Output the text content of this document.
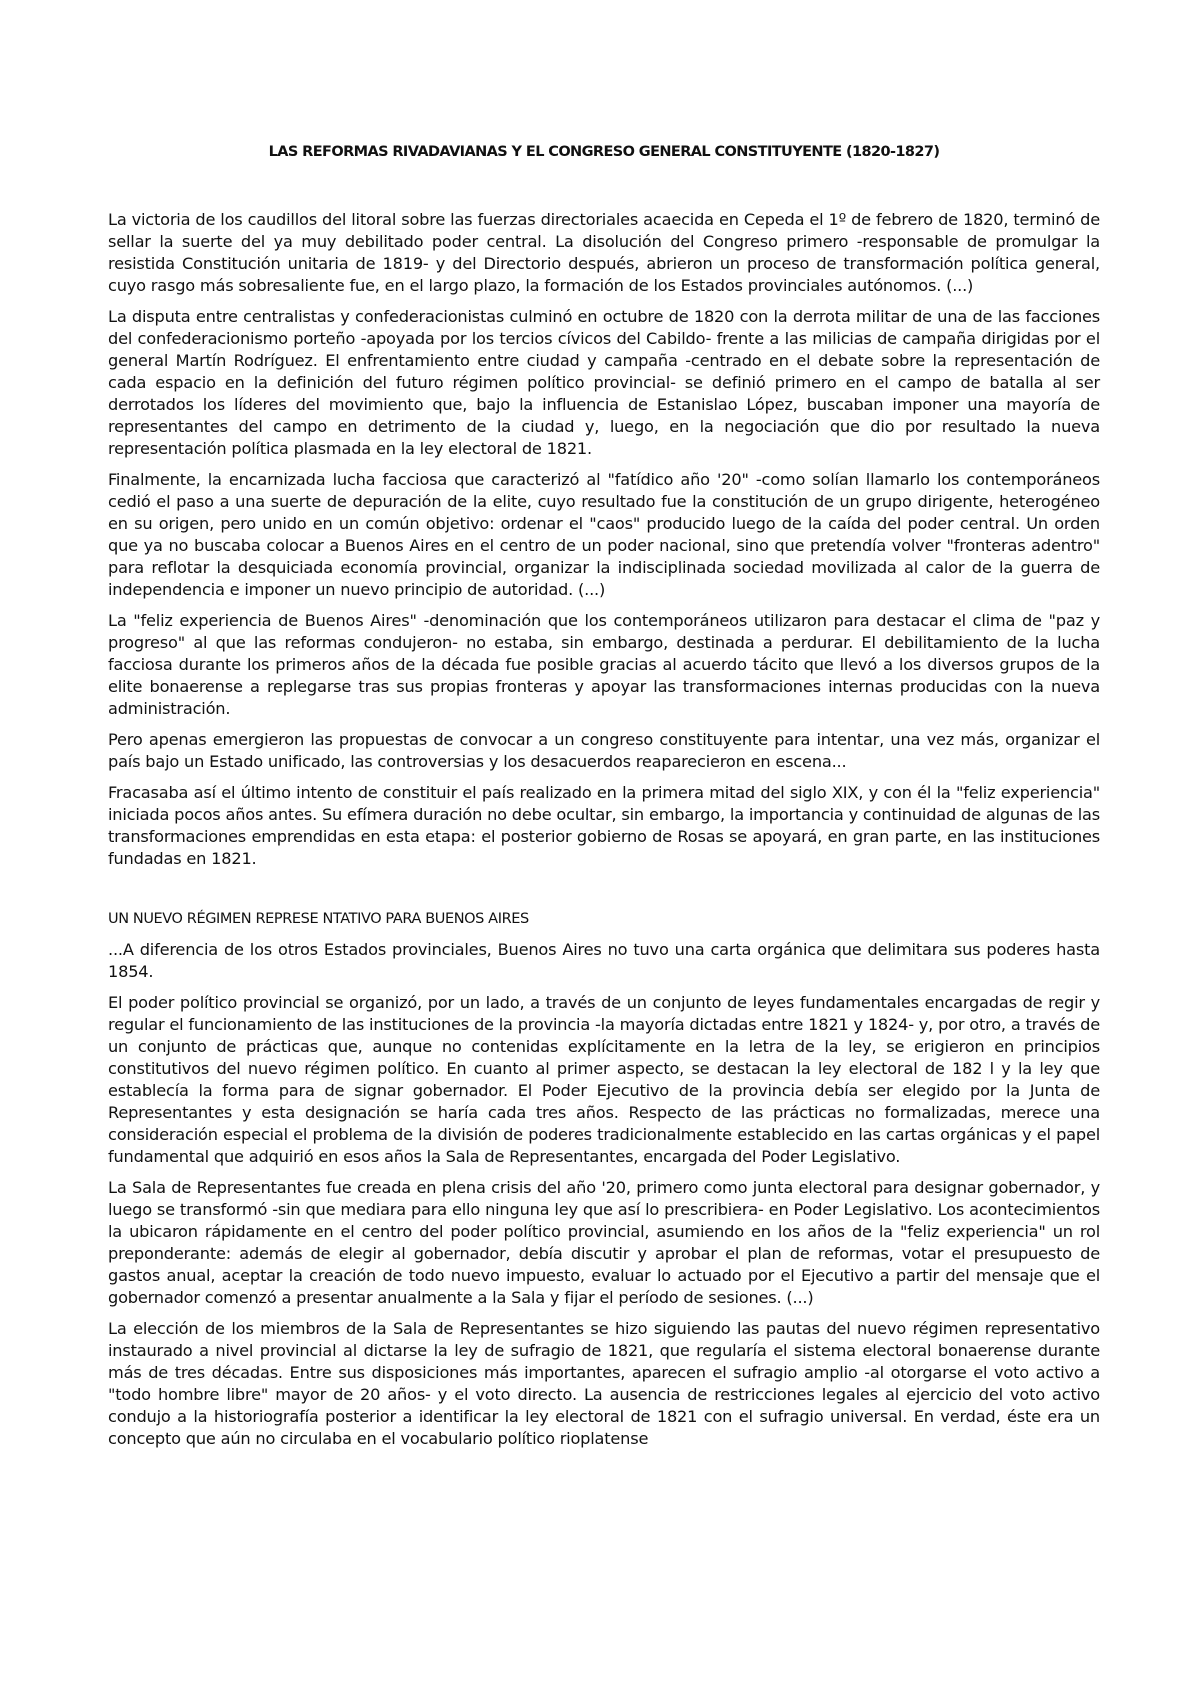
LAS REFORMAS RIVADAVIANAS Y EL CONGRESO GENERAL CONSTITUYENTE (1820-1827)

La victoria de los caudillos del litoral sobre las fuerzas directoriales acaecida en Cepeda el 1º de febrero de 1820, terminó de sellar la suerte del ya muy debilitado poder central. La disolución del Congreso primero -responsable de promulgar la resistida Constitución unitaria de 1819- y del Directorio después, abrieron un proceso de transformación política general, cuyo rasgo más sobresaliente fue, en el largo plazo, la formación de los Estados provinciales autónomos. (...)

La disputa entre centralistas y confederacionistas culminó en octubre de 1820 con la derrota militar de una de las facciones del confederacionismo porteño -apoyada por los tercios cívicos del Cabildo- frente a las milicias de campaña dirigidas por el general Martín Rodríguez. El enfrentamiento entre ciudad y campaña -centrado en el debate sobre la representación de cada espacio en la definición del futuro régimen político provincial- se definió primero en el campo de batalla al ser derrotados los líderes del movimiento que, bajo la influencia de Estanislao López, buscaban imponer una mayoría de representantes del campo en detrimento de la ciudad y, luego, en la negociación que dio por resultado la nueva representación política plasmada en la ley electoral de 1821.

Finalmente, la encarnizada lucha facciosa que caracterizó al "fatídico año '20" -como solían llamarlo los contemporáneos cedió el paso a una suerte de depuración de la elite, cuyo resultado fue la constitución de un grupo dirigente, heterogéneo en su origen, pero unido en un común objetivo: ordenar el "caos" producido luego de la caída del poder central. Un orden que ya no buscaba colocar a Buenos Aires en el centro de un poder nacional, sino que pretendía volver "fronteras adentro" para reflotar la desquiciada economía provincial, organizar la indisciplinada sociedad movilizada al calor de la guerra de independencia e imponer un nuevo principio de autoridad. (...)

La "feliz experiencia de Buenos Aires" -denominación que los contemporáneos utilizaron para destacar el clima de "paz y progreso" al que las reformas condujeron- no estaba, sin embargo, destinada a perdurar. El debilitamiento de la lucha facciosa durante los primeros años de la década fue posible gracias al acuerdo tácito que llevó a los diversos grupos de la elite bonaerense a replegarse tras sus propias fronteras y apoyar las transformaciones internas producidas con la nueva administración.

Pero apenas emergieron las propuestas de convocar a un congreso constituyente para intentar, una vez más, organizar el país bajo un Estado unificado, las controversias y los desacuerdos reaparecieron en escena...

Fracasaba así el último intento de constituir el país realizado en la primera mitad del siglo XIX, y con él la "feliz experiencia" iniciada pocos años antes. Su efímera duración no debe ocultar, sin embargo, la importancia y continuidad de algunas de las transformaciones emprendidas en esta etapa: el posterior gobierno de Rosas se apoyará, en gran parte, en las instituciones fundadas en 1821.

UN NUEVO RÉGIMEN REPRESE NTATIVO PARA BUENOS AIRES

...A diferencia de los otros Estados provinciales, Buenos Aires no tuvo una carta orgánica que delimitara sus poderes hasta 1854.

El poder político provincial se organizó, por un lado, a través de un conjunto de leyes fundamentales encargadas de regir y regular el funcionamiento de las instituciones de la provincia -la mayoría dictadas entre 1821 y 1824- y, por otro, a través de un conjunto de prácticas que, aunque no contenidas explícitamente en la letra de la ley, se erigieron en principios constitutivos del nuevo régimen político. En cuanto al primer aspecto, se destacan la ley electoral de 182 l y la ley que establecía la forma para de signar gobernador. El Poder Ejecutivo de la provincia debía ser elegido por la Junta de Representantes y esta designación se haría cada tres años. Respecto de las prácticas no formalizadas, merece una consideración especial el problema de la división de poderes tradicionalmente establecido en las cartas orgánicas y el papel fundamental que adquirió en esos años la Sala de Representantes, encargada del Poder Legislativo.

La Sala de Representantes fue creada en plena crisis del año '20, primero como junta electoral para designar gobernador, y luego se transformó -sin que mediara para ello ninguna ley que así lo prescribiera- en Poder Legislativo. Los acontecimientos la ubicaron rápidamente en el centro del poder político provincial, asumiendo en los años de la "feliz experiencia" un rol preponderante: además de elegir al gobernador, debía discutir y aprobar el plan de reformas, votar el presupuesto de gastos anual, aceptar la creación de todo nuevo impuesto, evaluar lo actuado por el Ejecutivo a partir del mensaje que el gobernador comenzó a presentar anualmente a la Sala y fijar el período de sesiones. (...)

La elección de los miembros de la Sala de Representantes se hizo siguiendo las pautas del nuevo régimen representativo instaurado a nivel provincial al dictarse la ley de sufragio de 1821, que regularía el sistema electoral bonaerense durante más de tres décadas. Entre sus disposiciones más importantes, aparecen el sufragio amplio -al otorgarse el voto activo a "todo hombre libre" mayor de 20 años- y el voto directo. La ausencia de restricciones legales al ejercicio del voto activo condujo a la historiografía posterior a identificar la ley electoral de 1821 con el sufragio universal. En verdad, éste era un concepto que aún no circulaba en el vocabulario político rioplatense
